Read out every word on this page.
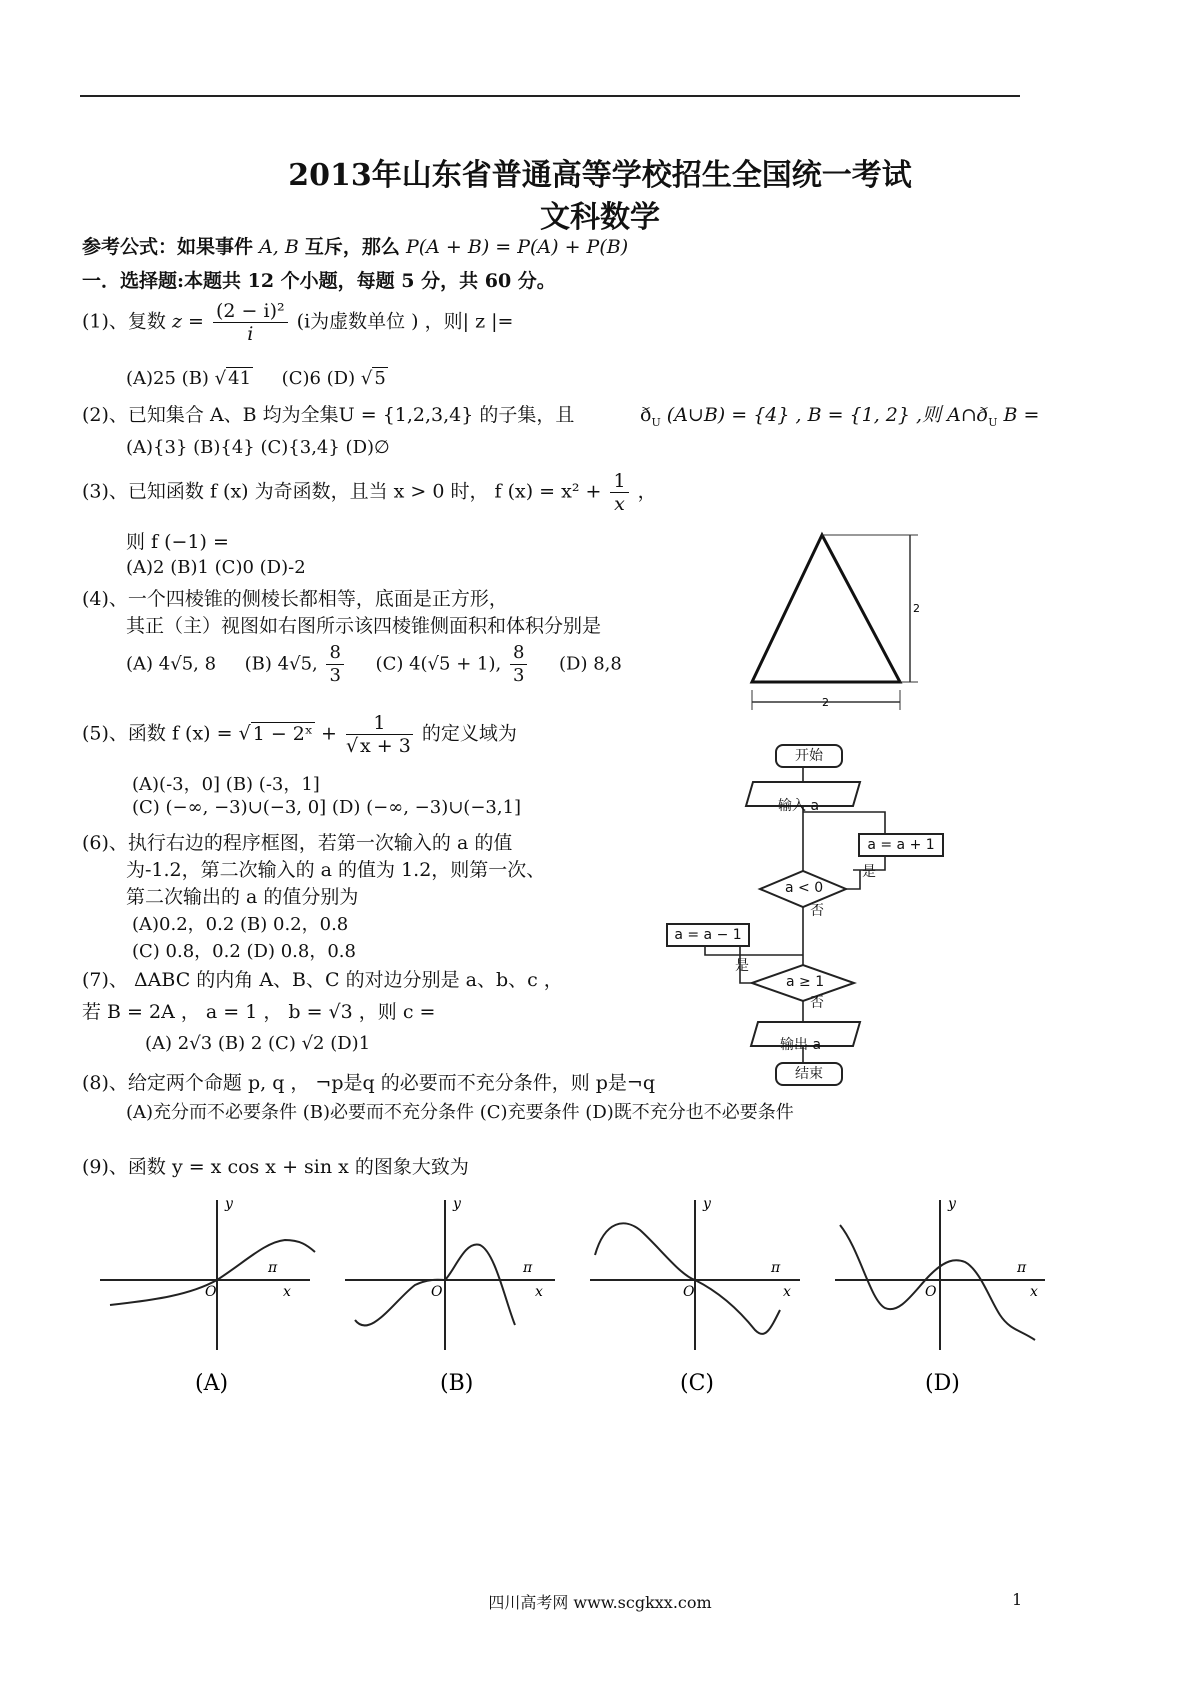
2013年山东省普通高等学校招生全国统一考试
文科数学
参考公式：如果事件 A, B 互斥，那么 P(A + B) = P(A) + P(B)
一．选择题:本题共 12 个小题，每题 5 分，共 60 分。
(1)、复数 $z = \frac{\text{(2 − i)²}}{i} (i$为虚数单位 ) ，则| z |=
(A)25 (B) √ 41 (C)6 (D) √ 5
(2)、已知集合 A、B 均为全集U = {1,2,3,4} 的子集，且	$ð_U$ (A∪B) = {4} , B = {1, 2} ,则 $A\cap ð_U$ B =
(A){3} (B){4} (C){3,4} (D)∅
(3)、已知函数 f (x) 为奇函数，且当 x > 0 时， f $(x) = x^2 + \frac{1}{x}$ ，
则 f (−1) =
(A)2 (B)1 (C)0 (D)-2
(4)、一个四棱锥的侧棱长都相等，底面是正方形，
其正（主）视图如右图所示该四棱锥侧面积和体积分别是
(A) 4√5, 8 (B) 4√5, $\frac{8}{3} (C) 4(√5 + 1)$, $\frac{8}{3} (D)$ 8,8
2
2
(5)、函数 f (x) = √ 1 − 2ˣ + $\frac{1}{√ x + 3}$ 的定义域为
(A)(-3，0] (B) (-3，1]
(C) (−∞, −3)∪(−3, 0] (D) (−∞, −3)∪(−3,1]
(6)、执行右边的程序框图，若第一次输入的 a 的值
为-1.2，第二次输入的 a 的值为 1.2，则第一次、
第二次输出的 a 的值分别为
(A)0.2，0.2 (B) 0.2，0.8
(C) 0.8，0.2 (D) 0.8，0.8
开始
输入 a
a = a + 1
a < 0
是
否
a = a − 1
a ≥ 1
是
否
输出 a
结束
(7)、 ΔABC 的内角 A、B、C 的对边分别是 a、b、c ，
若 B = 2A ， a = 1 ， b = √3 ，则 c =
(A) 2√3 (B) 2 (C) √2 (D)1
(8)、给定两个命题 p, q ， ¬p是q 的必要而不充分条件，则 p是¬q
(A)充分而不必要条件 (B)必要而不充分条件 (C)充要条件 (D)既不充分也不必要条件
(9)、函数 y = x cos x + sin x 的图象大致为
y
x
O
π
y
x
O
π
y
x
O
π
y
x
O
π
(A)	(B)	(C)	(D)
四川高考网 www.scgkxx.com	1
